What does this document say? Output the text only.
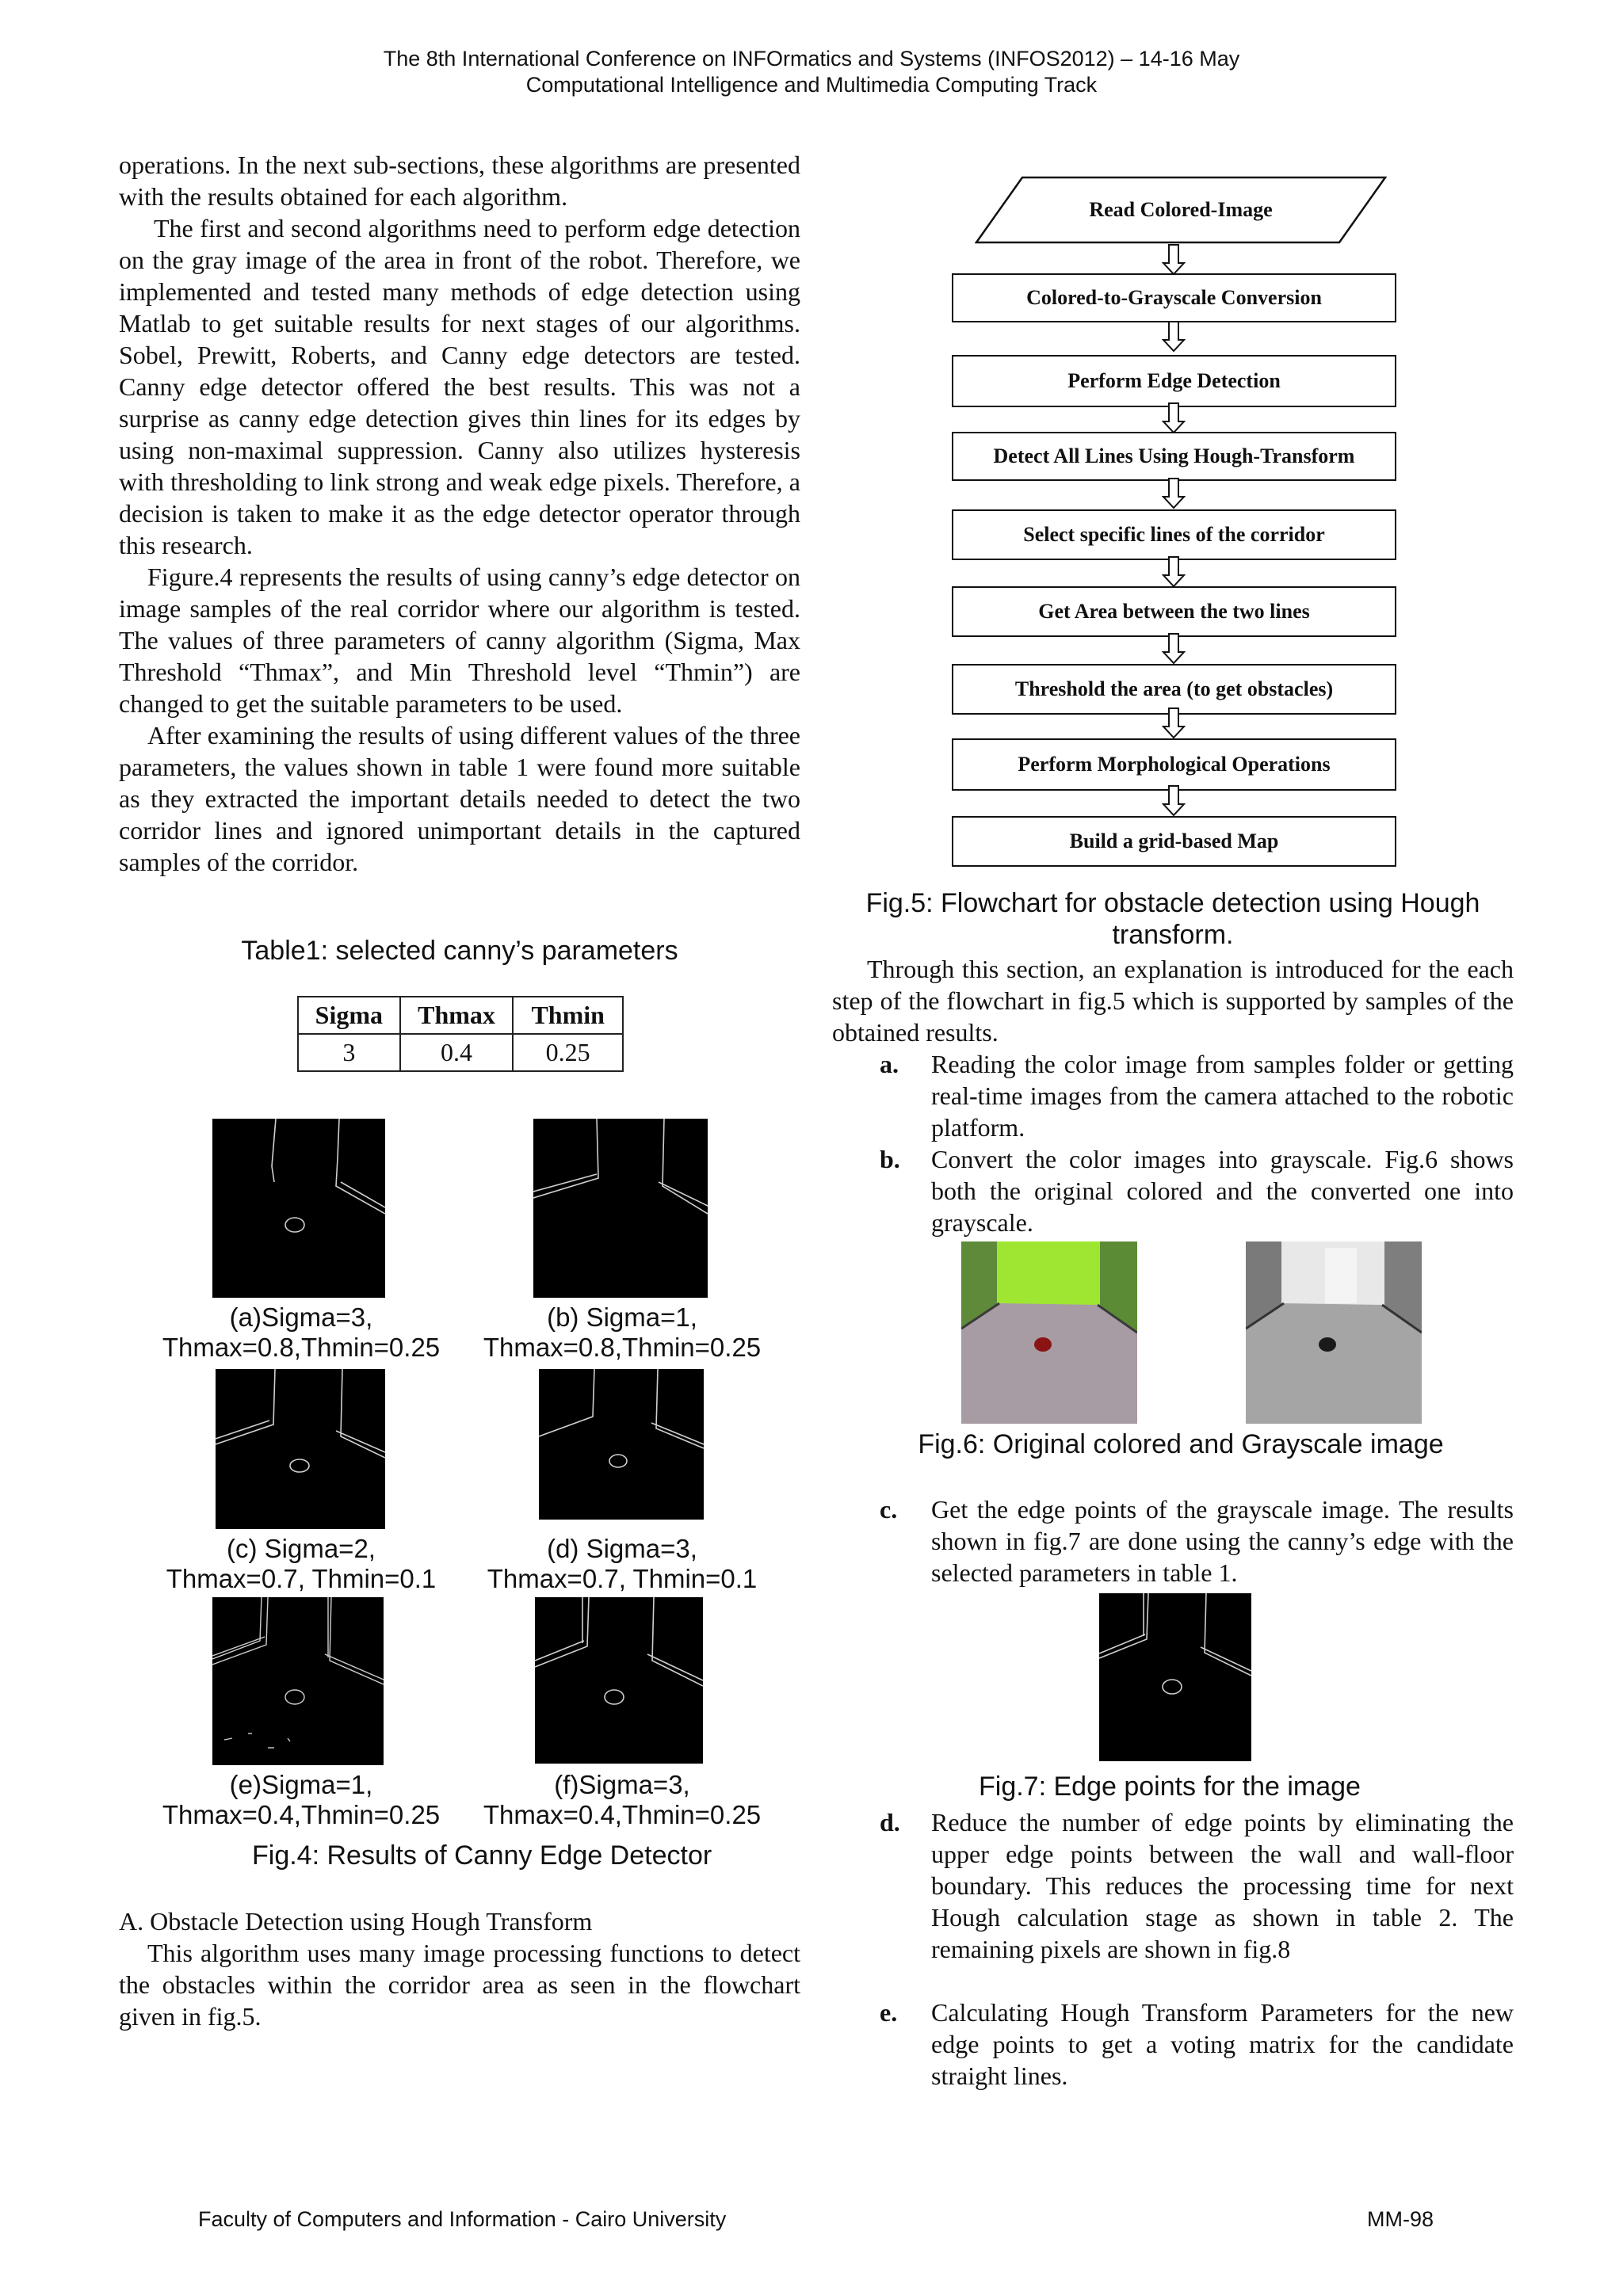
The 8th International Conference on INFOrmatics and Systems (INFOS2012) – 14-16 May
Computational Intelligence and Multimedia Computing Track

operations. In the next sub-sections, these algorithms are presented with the results obtained for each algorithm.

The first and second algorithms need to perform edge detection on the gray image of the area in front of the robot. Therefore, we implemented and tested many methods of edge detection using Matlab to get suitable results for next stages of our algorithms. Sobel, Prewitt, Roberts, and Canny edge detectors are tested. Canny edge detector offered the best results. This was not a surprise as canny edge detection gives thin lines for its edges by using non-maximal suppression. Canny also utilizes hysteresis with thresholding to link strong and weak edge pixels. Therefore, a decision is taken to make it as the edge detector operator through this research.

Figure.4 represents the results of using canny’s edge detector on image samples of the real corridor where our algorithm is tested. The values of three parameters of canny algorithm (Sigma, Max Threshold “Thmax”, and Min Threshold level “Thmin”) are changed to get the suitable parameters to be used.

After examining the results of using different values of the three parameters, the values shown in table 1 were found more suitable as they extracted the important details needed to detect the two corridor lines and ignored unimportant details in the captured samples of the corridor.

Table1: selected canny’s parameters
Sigma	Thmax	Thmin
3	0.4	0.25
(a)Sigma=3,
Thmax=0.8,Thmin=0.25
(b) Sigma=1,
Thmax=0.8,Thmin=0.25
(c) Sigma=2,
Thmax=0.7, Thmin=0.1
(d) Sigma=3,
Thmax=0.7, Thmin=0.1
(e)Sigma=1,
Thmax=0.4,Thmin=0.25
(f)Sigma=3,
Thmax=0.4,Thmin=0.25
Fig.4: Results of Canny Edge Detector
A. Obstacle Detection using Hough Transform

This algorithm uses many image processing functions to detect the obstacles within the corridor area as seen in the flowchart given in fig.5.

Read Colored-Image
Colored-to-Grayscale Conversion
Perform Edge Detection
Detect All Lines Using Hough-Transform
Select specific lines of the corridor
Get Area between the two lines
Threshold the area (to get obstacles)
Perform Morphological Operations
Build a grid-based Map
Fig.5: Flowchart for obstacle detection using Hough
transform.

Through this section, an explanation is introduced for the each step of the flowchart in fig.5 which is supported by samples of the obtained results.

a. Reading the color image from samples folder or getting real-time images from the camera attached to the robotic platform.
b. Convert the color images into grayscale. Fig.6 shows both the original colored and the converted one into grayscale.
Fig.6: Original colored and Grayscale image
c. Get the edge points of the grayscale image. The results shown in fig.7 are done using the canny’s edge with the selected parameters in table 1.
Fig.7: Edge points for the image
d. Reduce the number of edge points by eliminating the upper edge points between the wall and wall-floor boundary. This reduces the processing time for next Hough calculation stage as shown in table 2. The remaining pixels are shown in fig.8
e. Calculating Hough Transform Parameters for the new edge points to get a voting matrix for the candidate straight lines.
Faculty of Computers and Information - Cairo University	MM-98
